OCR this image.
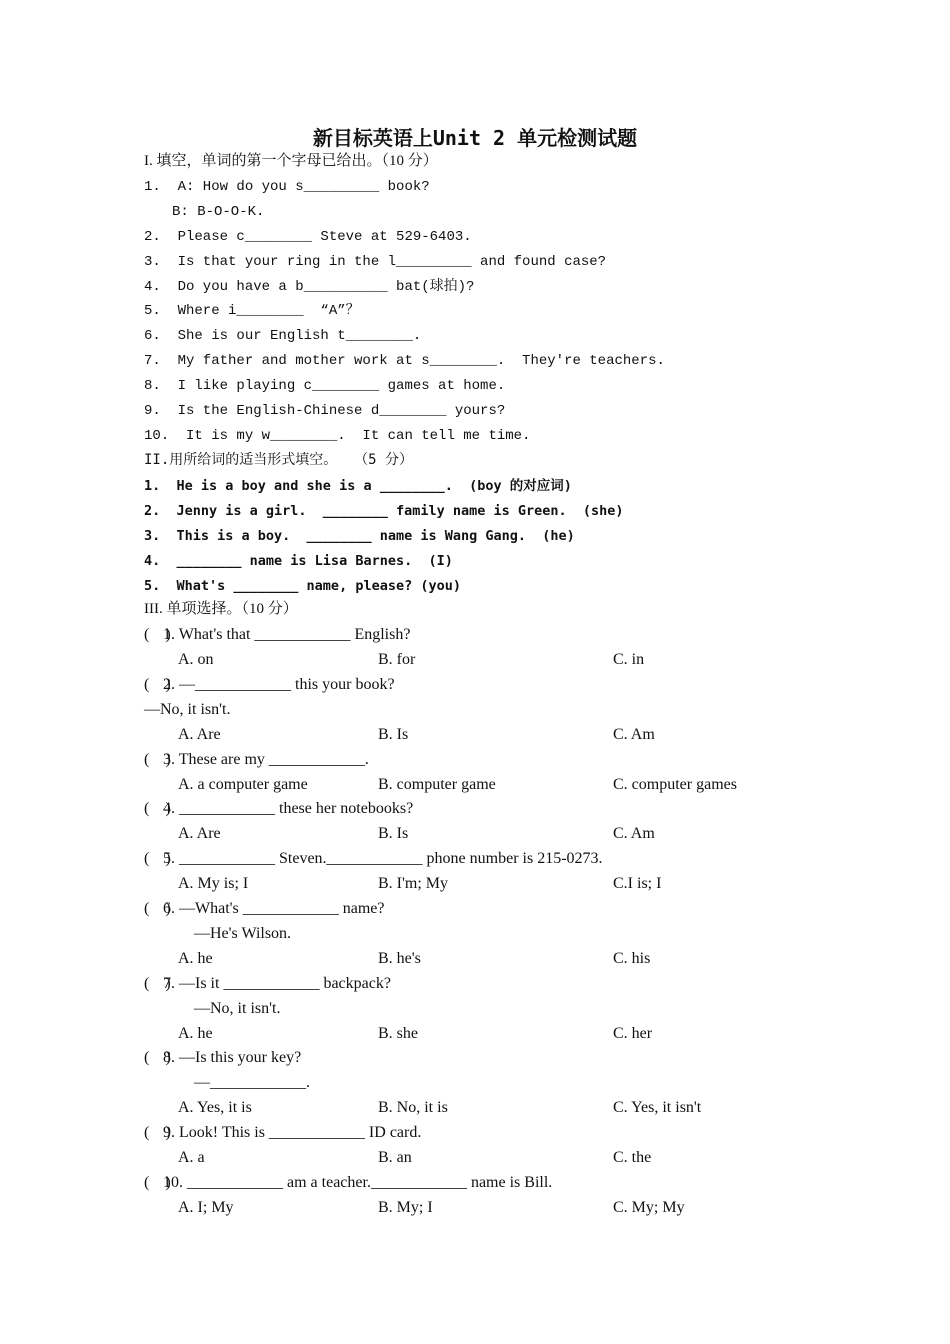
新目标英语上Unit 2 单元检测试题
I. 填空，单词的第一个字母已给出。（10 分）
1.  A: How do you s_________ book?
B: B-O-O-K.
2.  Please c________ Steve at 529-6403.
3.  Is that your ring in the l_________ and found case?
4.  Do you have a b__________ bat(球拍)?
5.  Where i________  “A”？
6.  She is our English t________.
7.  My father and mother work at s________.  They're teachers.
8.  I like playing c________ games at home.
9.  Is the English-Chinese d________ yours?
10.  It is my w________.  It can tell me time.
II.用所给词的适当形式填空。  （5 分）
1.  He is a boy and she is a ________.  (boy 的对应词)
2.  Jenny is a girl.  ________ family name is Green.  (she)
3.  This is a boy.  ________ name is Wang Gang.  (he)
4.  ________ name is Lisa Barnes.  (I)
5.  What's ________ name, please? (you)
III. 单项选择。（10 分）
(    )
1. What's that ____________ English?
A. on	B. for	C. in
(    )
2. —____________ this your book?
—No, it isn't.
A. Are	B. Is	C. Am
(    )
3. These are my ____________.
A. a computer game	B. computer game	C. computer games
(    )
4. ____________ these her notebooks?
A. Are	B. Is	C. Am
(    )
5. ____________ Steven.____________ phone number is 215-0273.
A. My is; I	B. I'm; My	C.I is; I
(    )
6. —What's ____________ name?
—He's Wilson.
A. he	B. he's	C. his
(    )
7. —Is it ____________ backpack?
—No, it isn't.
A. he	B. she	C. her
(    )
8. —Is this your key?
—____________.
A. Yes, it is	B. No, it is	C. Yes, it isn't
(    )
9. Look! This is ____________ ID card.
A. a	B. an	C. the
(    )
10. ____________ am a teacher.____________ name is Bill.
A. I; My	B. My; I	C. My; My
